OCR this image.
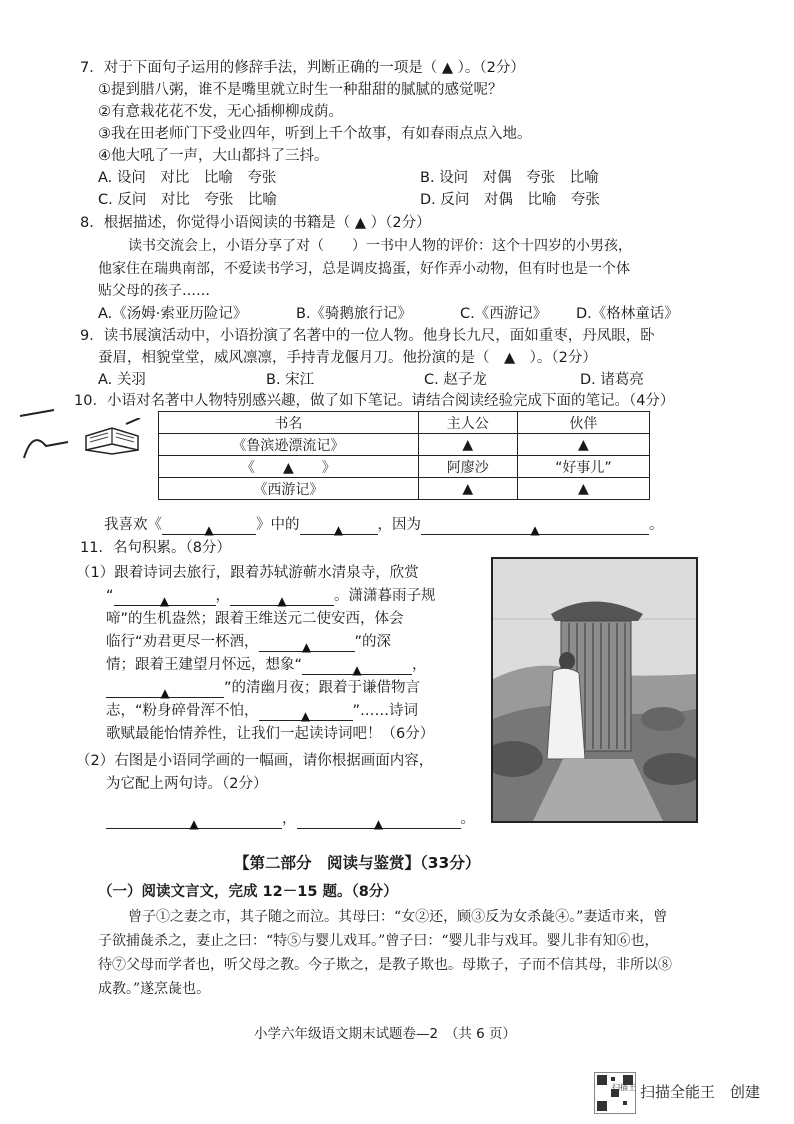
7．对于下面句子运用的修辞手法，判断正确的一项是（ ▲ ）。（2分）
①提到腊八粥，谁不是嘴里就立时生一种甜甜的腻腻的感觉呢？
②有意栽花花不发，无心插柳柳成荫。
③我在田老师门下受业四年，听到上千个故事，有如春雨点点入地。
④他大吼了一声，大山都抖了三抖。
A. 设问　对比　比喻　夸张	B. 设问　对偶　夸张　比喻
C. 反问　对比　夸张　比喻	D. 反问　对偶　比喻　夸张
8．根据描述，你觉得小语阅读的书籍是（ ▲ ）（2分）
读书交流会上，小语分享了对（　　）一书中人物的评价：这个十四岁的小男孩，
他家住在瑞典南部，不爱读书学习，总是调皮捣蛋，好作弄小动物，但有时也是一个体
贴父母的孩子……
A.《汤姆·索亚历险记》	B.《骑鹅旅行记》	C.《西游记》 D.《格林童话》
9．读书展演活动中，小语扮演了名著中的一位人物。他身长九尺，面如重枣，丹凤眼，卧
蚕眉，相貌堂堂，威风凛凛，手持青龙偃月刀。他扮演的是（　▲　）。（2分）
A. 关羽	B. 宋江	C. 赵子龙	D. 诸葛亮
10．小语对名著中人物特别感兴趣，做了如下笔记。请结合阅读经验完成下面的笔记。（4分）
书名	主人公	伙伴
《鲁滨逊漂流记》	▲	▲
《　　▲　　》	阿廖沙	“好事儿”
《西游记》	▲	▲
我喜欢《	▲	》中的	▲ ，因为	▲	。
11．名句积累。（8分）
（1）跟着诗词去旅行，跟着苏轼游蕲水清泉寺，欣赏
“	▲	，	▲	。潇潇暮雨子规
啼”的生机盎然；跟着王维送元二使安西，体会
临行“劝君更尽一杯酒，	▲	”的深
情；跟着王建望月怀远，想象“	▲	，
▲	”的清幽月夜；跟着于谦借物言
志，“粉身碎骨浑不怕，	▲	”……诗词
歌赋最能怡情养性，让我们一起读诗词吧！（6分）
（2）右图是小语同学画的一幅画，请你根据画面内容，
为它配上两句诗。（2分）
▲	，	▲	。
【第二部分　阅读与鉴赏】（33分）
（一）阅读文言文，完成 12－15 题。（8分）
曾子①之妻之市，其子随之而泣。其母曰：“女②还，顾③反为女杀彘④。”妻适市来，曾
子欲捕彘杀之，妻止之曰：“特⑤与婴儿戏耳。”曾子曰：“婴儿非与戏耳。婴儿非有知⑥也，
待⑦父母而学者也，听父母之教。今子欺之，是教子欺也。母欺子，子而不信其母，非所以⑧
成教。”遂烹彘也。
小学六年级语文期末试题卷—2　（共 6 页）
扫描王 扫描全能王　创建
